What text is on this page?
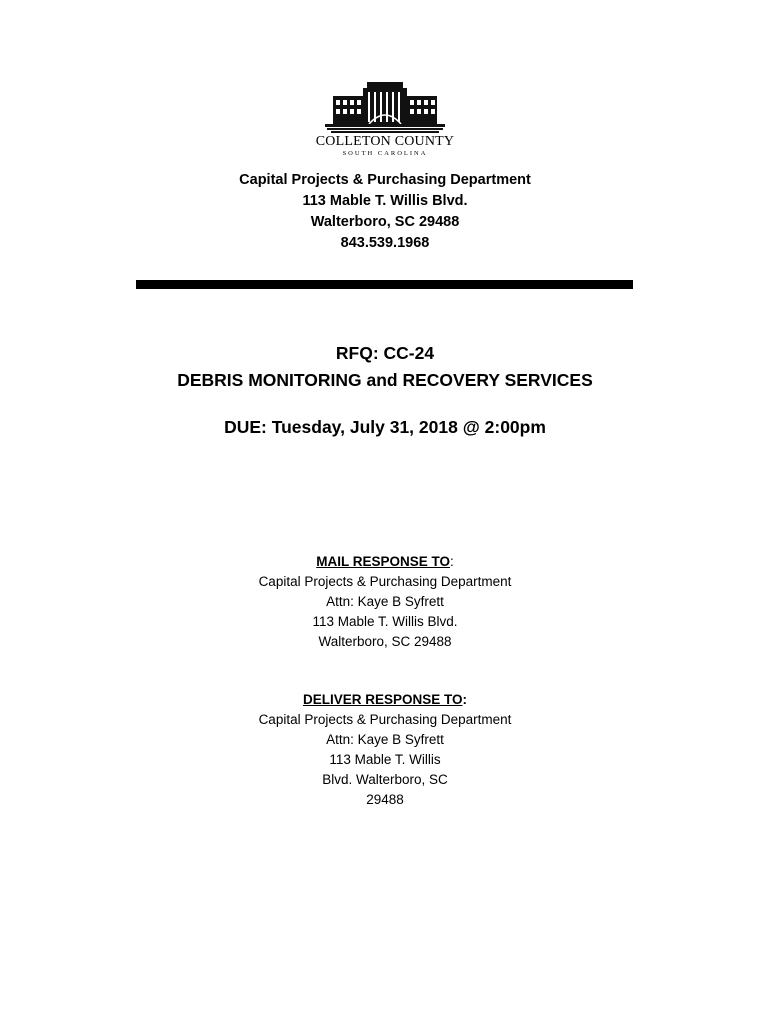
COLLETON COUNTY
SOUTH CAROLINA
Capital Projects & Purchasing Department
113 Mable T. Willis Blvd.
Walterboro, SC 29488
843.539.1968
RFQ: CC-24
DEBRIS MONITORING and RECOVERY SERVICES
DUE: Tuesday, July 31, 2018 @ 2:00pm
MAIL RESPONSE TO:
Capital Projects & Purchasing Department
Attn: Kaye B Syfrett
113 Mable T. Willis Blvd.
Walterboro, SC 29488
DELIVER RESPONSE TO:
Capital Projects & Purchasing Department
Attn: Kaye B Syfrett
113 Mable T. Willis
Blvd. Walterboro, SC
29488
